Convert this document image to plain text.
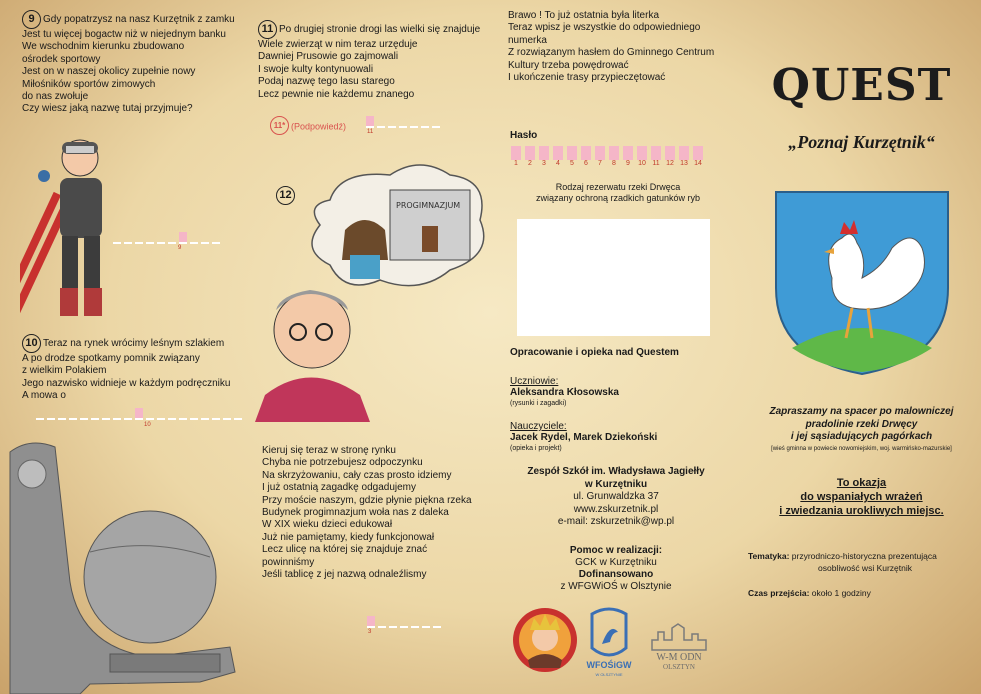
9 Gdy popatrzysz na nasz Kurzętnik z zamku
Jest tu więcej bogactw niż w niejednym banku
We wschodnim kierunku zbudowano
ośrodek sportowy
Jest on w naszej okolicy zupełnie nowy
Miłośników sportów zimowych
do nas zwołuje
Czy wiesz jaką nazwę tutaj przyjmuje?
9
10 Teraz na rynek wrócimy leśnym szlakiem
A po drodze spotkamy pomnik związany
z wielkim Polakiem
Jego nazwisko widnieje w każdym podręczniku
A mowa o
10
11 Po drugiej stronie drogi las wielki się znajduje
Wiele zwierząt w nim teraz urzęduje
Dawniej Prusowie go zajmowali
I swoje kulty kontynuowali
Podaj nazwę tego lasu starego
Lecz pewnie nie każdemu znanego
11* (Podpowiedź)
11
12
PROGIMNAZJUM
Kieruj się teraz w stronę rynku
Chyba nie potrzebujesz odpoczynku
Na skrzyżowaniu, cały czas prosto idziemy
I już ostatnią zagadkę odgadujemy
Przy moście naszym, gdzie płynie piękna rzeka
Budynek progimnazjum woła nas z daleka
W XIX wieku dzieci edukował
Już nie pamiętamy, kiedy funkcjonował
Lecz ulicę na której się znajduje znać
powinniśmy
Jeśli tablicę z jej nazwą odnaleźlismy
3
Brawo ! To już ostatnia była literka
Teraz wpisz je wszystkie do odpowiedniego
numerka
Z rozwiązanym hasłem do Gminnego Centrum
Kultury trzeba powędrować
I ukończenie trasy przypieczętować
Hasło
1 2 3 4 5 6 7 8 9 10 11 12 13 14
Rodzaj rezerwatu rzeki Drwęca
związany ochroną rzadkich gatunków ryb
Opracowanie i opieka nad Questem
Uczniowie:
Aleksandra Kłosowska
(rysunki i zagadki)
Nauczyciele:
Jacek Rydel, Marek Dziekoński
(opieka i projekt)
Zespół Szkół im. Władysława Jagiełły
w Kurzętniku
ul. Grunwaldzka 37
www.zskurzetnik.pl
e-mail: zskurzetnik@wp.pl
Pomoc w realizacji:
GCK w Kurzętniku
Dofinansowano
z WFGWiOŚ w Olsztynie
WFOŚiGW
W OLSZTYNIE
W-M ODN
OLSZTYN
QUEST
„Poznaj Kurzętnik“
Zapraszamy na spacer po malowniczej
pradolinie rzeki Drwęcy
i jej sąsiadujących pagórkach
[wieś gminna w powiecie nowomiejskim, woj. warmińsko-mazurskie]
To okazja
do wspaniałych wrażeń
i zwiedzania urokliwych miejsc.
Tematyka: przyrodniczo-historyczna prezentująca
osobliwość wsi Kurzętnik
Czas przejścia: około 1 godziny
